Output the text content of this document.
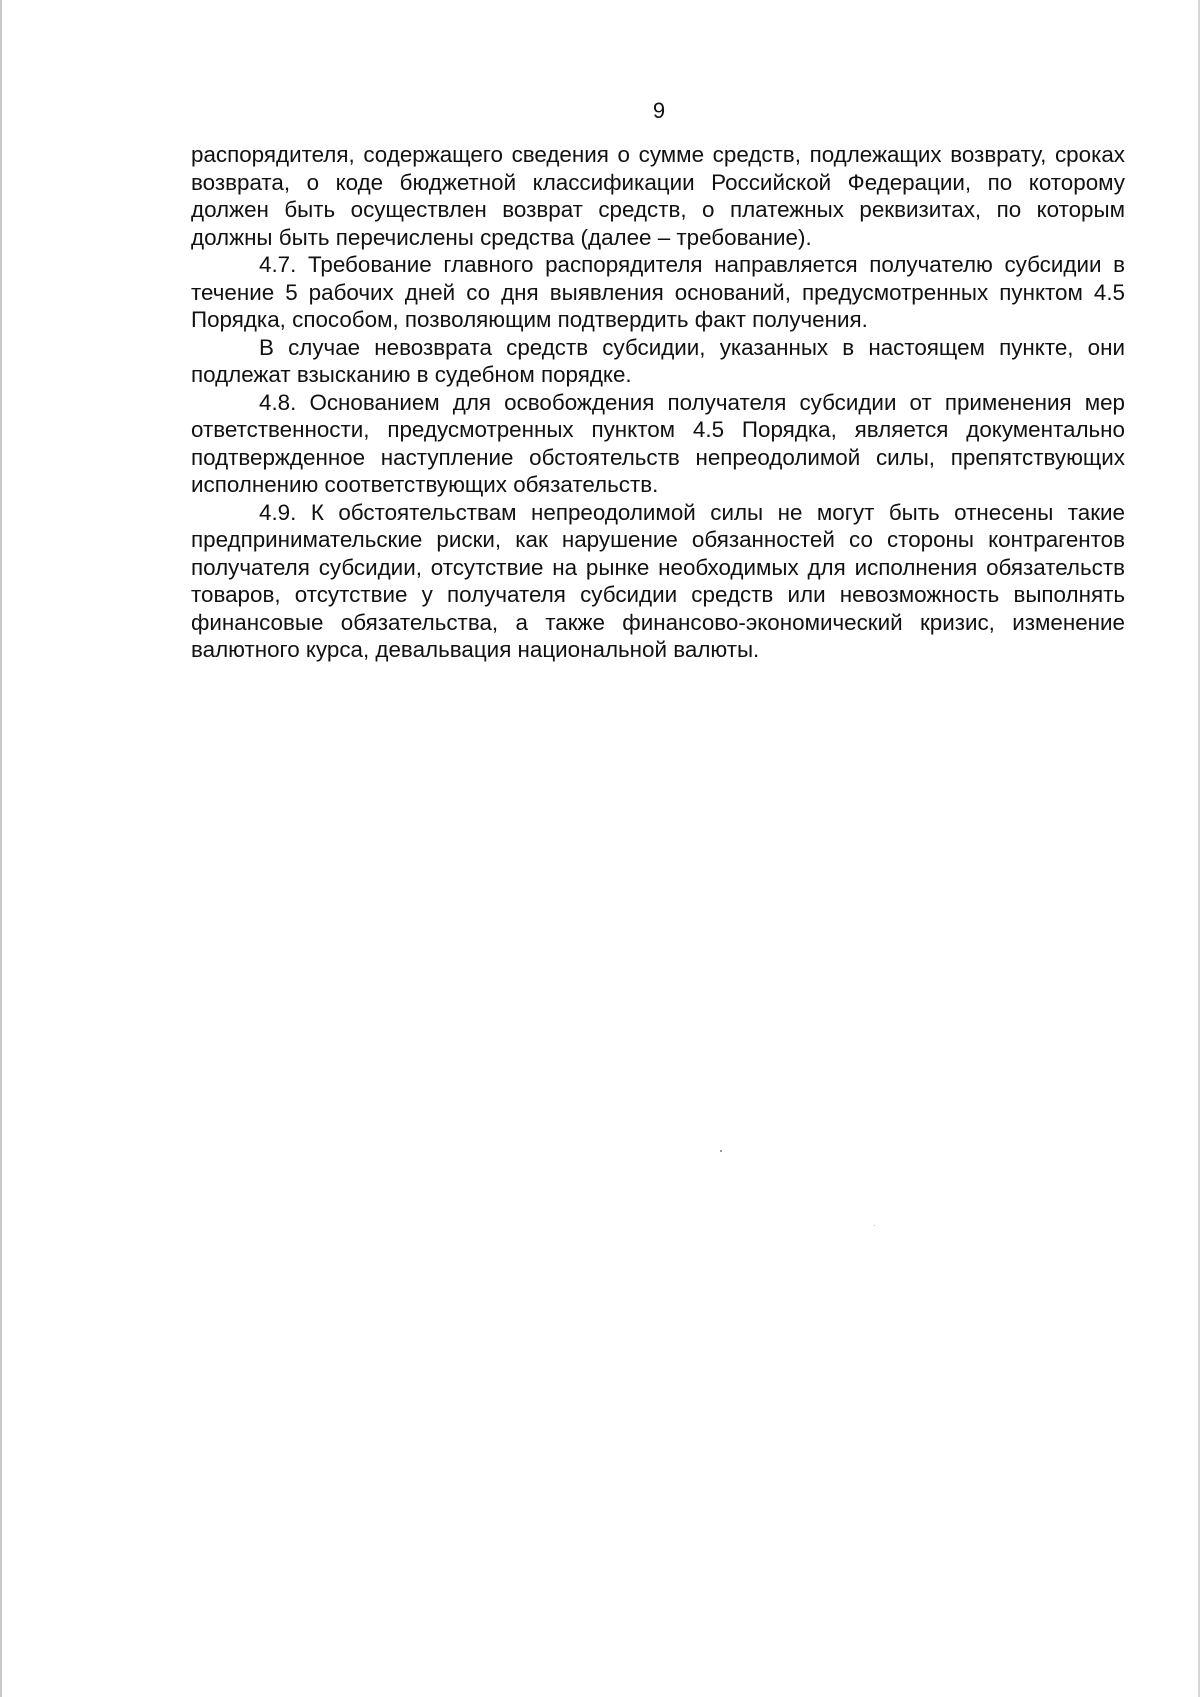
9

распорядителя, содержащего сведения о сумме средств, подлежащих возврату, сроках возврата, о коде бюджетной классификации Российской Федерации, по которому должен быть осуществлен возврат средств, о платежных реквизитах, по которым должны быть перечислены средства (далее – требование).

4.7. Требование главного распорядителя направляется получателю субсидии в течение 5 рабочих дней со дня выявления оснований, предусмотренных пунктом 4.5 Порядка, способом, позволяющим подтвердить факт получения.

В случае невозврата средств субсидии, указанных в настоящем пункте, они подлежат взысканию в судебном порядке.

4.8. Основанием для освобождения получателя субсидии от применения мер ответственности, предусмотренных пунктом 4.5 Порядка, является документально подтвержденное наступление обстоятельств непреодолимой силы, препятствующих исполнению соответствующих обязательств.

4.9. К обстоятельствам непреодолимой силы не могут быть отнесены такие предпринимательские риски, как нарушение обязанностей со стороны контрагентов получателя субсидии, отсутствие на рынке необходимых для исполнения обязательств товаров, отсутствие у получателя субсидии средств или невозможность выполнять финансовые обязательства, а также финансово-экономический кризис, изменение валютного курса, девальвация национальной валюты.
